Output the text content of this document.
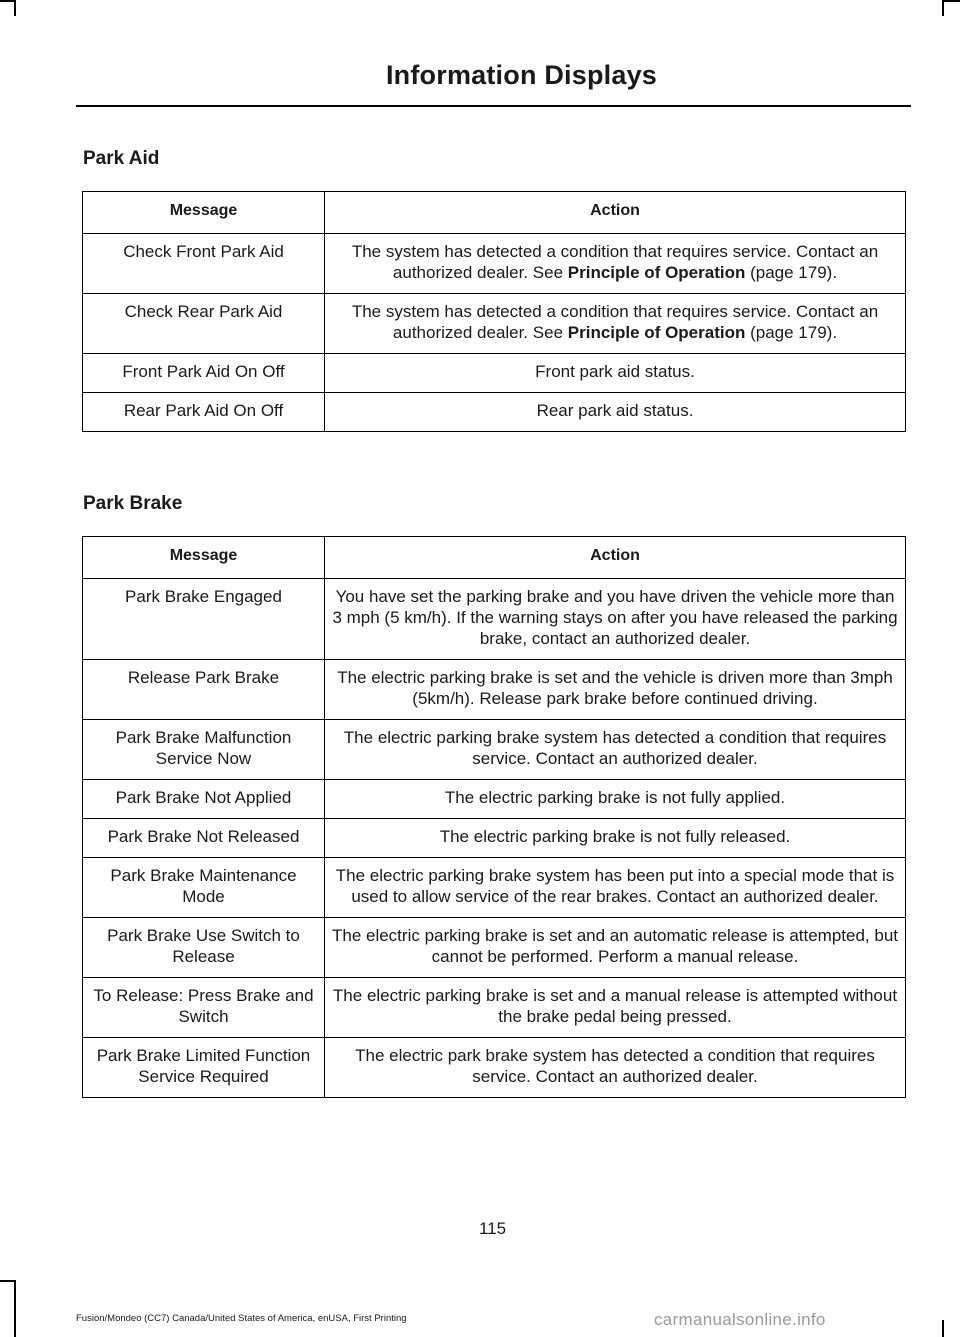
Information Displays
Park Aid
Message	Action
Check Front Park Aid	The system has detected a condition that requires service. Contact an authorized dealer. See Principle of Operation (page 179).
Check Rear Park Aid	The system has detected a condition that requires service. Contact an authorized dealer. See Principle of Operation (page 179).
Front Park Aid On Off	Front park aid status.
Rear Park Aid On Off	Rear park aid status.
Park Brake
Message	Action
Park Brake Engaged	You have set the parking brake and you have driven the vehicle more than 3 mph (5 km/h). If the warning stays on after you have released the parking brake, contact an authorized dealer.
Release Park Brake	The electric parking brake is set and the vehicle is driven more than 3mph (5km/h). Release park brake before continued driving.
Park Brake Malfunction Service Now	The electric parking brake system has detected a condition that requires service. Contact an authorized dealer.
Park Brake Not Applied	The electric parking brake is not fully applied.
Park Brake Not Released	The electric parking brake is not fully released.
Park Brake Maintenance Mode	The electric parking brake system has been put into a special mode that is used to allow service of the rear brakes. Contact an authorized dealer.
Park Brake Use Switch to Release	The electric parking brake is set and an automatic release is attempted, but cannot be performed. Perform a manual release.
To Release: Press Brake and Switch	The electric parking brake is set and a manual release is attempted without the brake pedal being pressed.
Park Brake Limited Function Service Required	The electric park brake system has detected a condition that requires service. Contact an authorized dealer.
115
Fusion/Mondeo (CC7) Canada/United States of America, enUSA, First Printing	carmanualsonline.info
